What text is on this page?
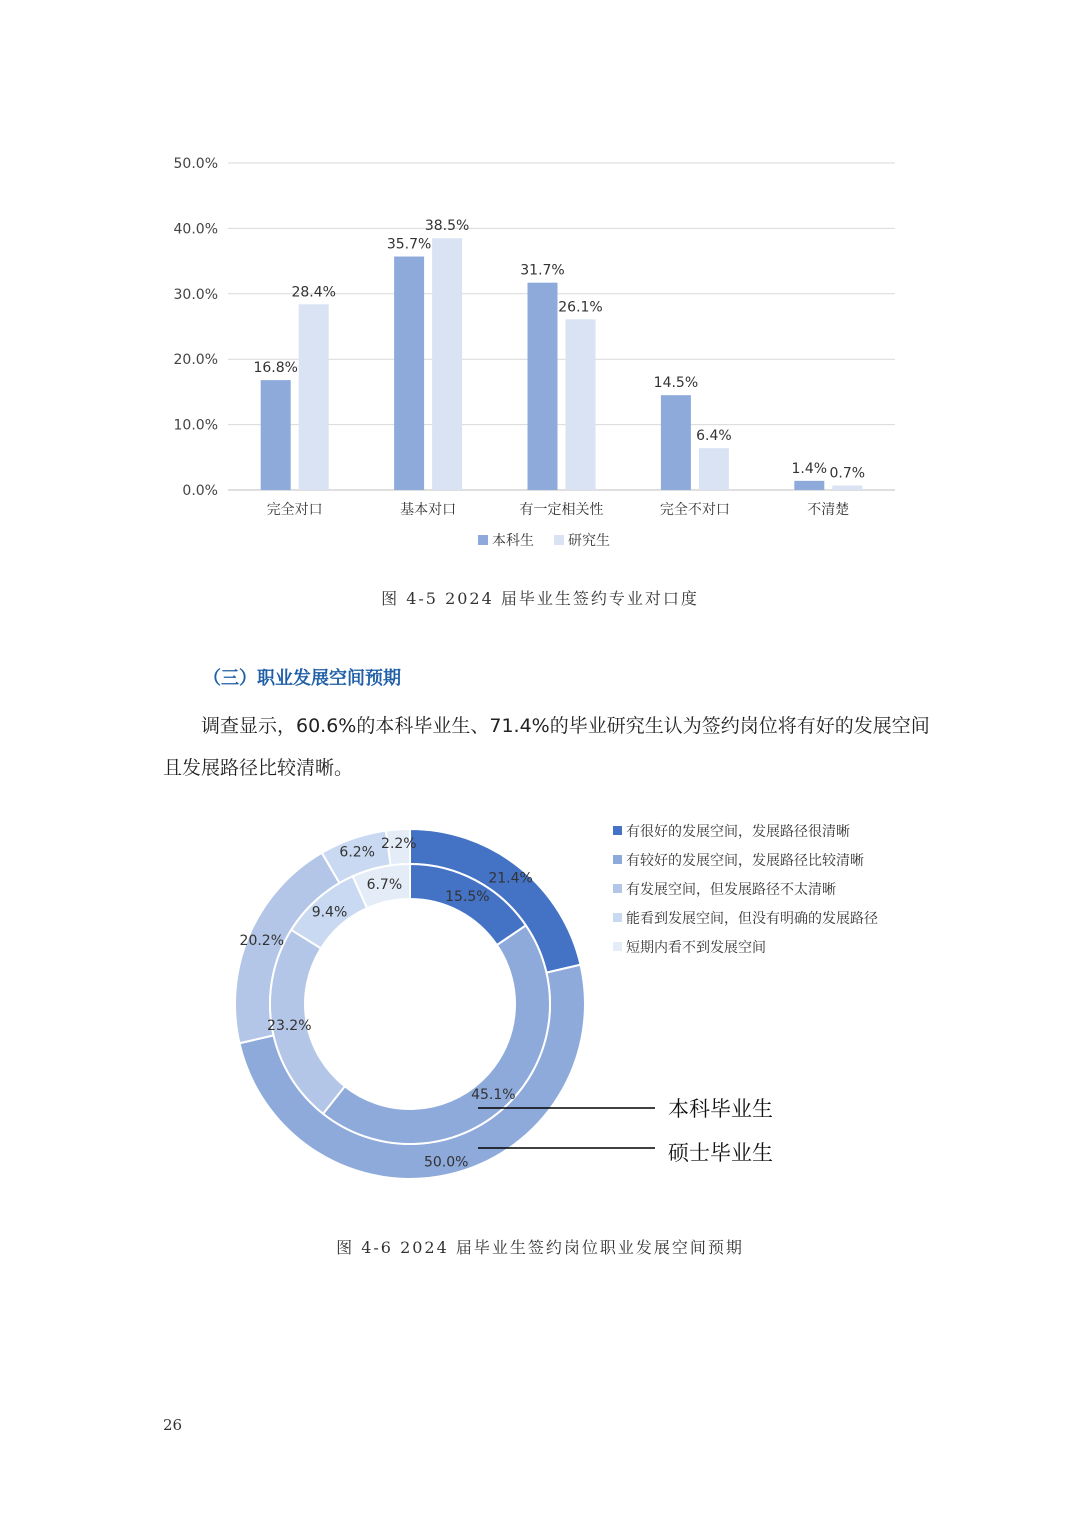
0.0%
10.0%
20.0%
30.0%
40.0%
50.0%
16.8%
28.4%
35.7%
38.5%
31.7%
26.1%
14.5%
6.4%
1.4% 0.7%
完全对口	基本对口	有一定相关性	完全不对口	不清楚
本科生 研究生
图 4-5 2024 届毕业生签约专业对口度
（三）职业发展空间预期
调查显示，60.6%的本科毕业生、71.4%的毕业研究生认为签约岗位将有好的发展空间
且发展路径比较清晰。
15.5%
45.1%
23.2%
9.4%
6.7%	21.4%
50.0%
20.2%
6.2%
2.2%
有很好的发展空间，发展路径很清晰
有较好的发展空间，发展路径比较清晰
有发展空间，但发展路径不太清晰
能看到发展空间，但没有明确的发展路径
短期内看不到发展空间
本科毕业生
硕士毕业生
图 4-6 2024 届毕业生签约岗位职业发展空间预期
26
